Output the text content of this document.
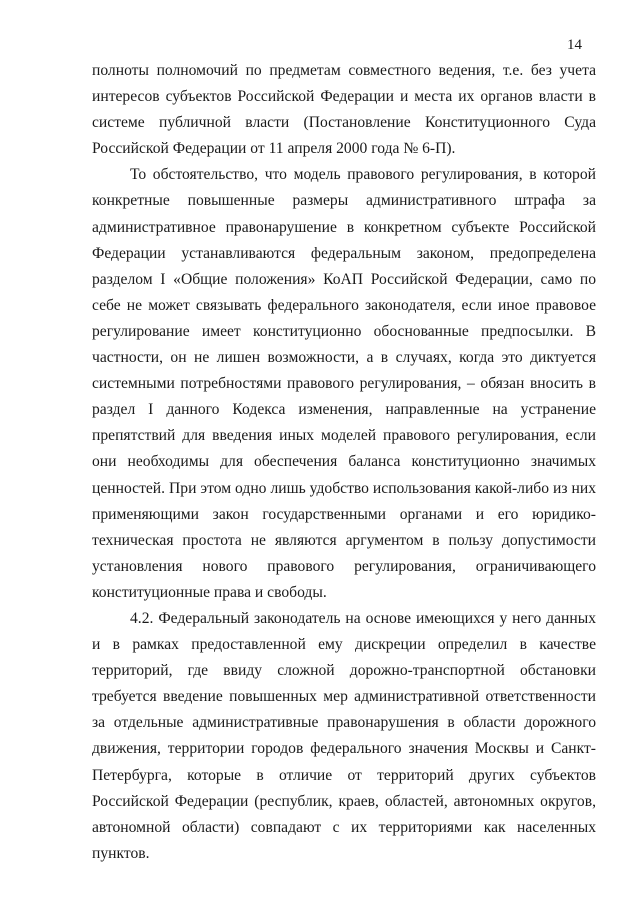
14

полноты полномочий по предметам совместного ведения, т.е. без учета интересов субъектов Российской Федерации и места их органов власти в системе публичной власти (Постановление Конституционного Суда Российской Федерации от 11 апреля 2000 года № 6-П).

То обстоятельство, что модель правового регулирования, в которой конкретные повышенные размеры административного штрафа за административное правонарушение в конкретном субъекте Российской Федерации устанавливаются федеральным законом, предопределена разделом I «Общие положения» КоАП Российской Федерации, само по себе не может связывать федерального законодателя, если иное правовое регулирование имеет конституционно обоснованные предпосылки. В частности, он не лишен возможности, а в случаях, когда это диктуется системными потребностями правового регулирования, – обязан вносить в раздел I данного Кодекса изменения, направленные на устранение препятствий для введения иных моделей правового регулирования, если они необходимы для обеспечения баланса конституционно значимых ценностей. При этом одно лишь удобство использования какой-либо из них применяющими закон государственными органами и его юридико-техническая простота не являются аргументом в пользу допустимости установления нового правового регулирования, ограничивающего конституционные права и свободы.

4.2. Федеральный законодатель на основе имеющихся у него данных и в рамках предоставленной ему дискреции определил в качестве территорий, где ввиду сложной дорожно-транспортной обстановки требуется введение повышенных мер административной ответственности за отдельные административные правонарушения в области дорожного движения, территории городов федерального значения Москвы и Санкт-Петербурга, которые в отличие от территорий других субъектов Российской Федерации (республик, краев, областей, автономных округов, автономной области) совпадают с их территориями как населенных пунктов.
